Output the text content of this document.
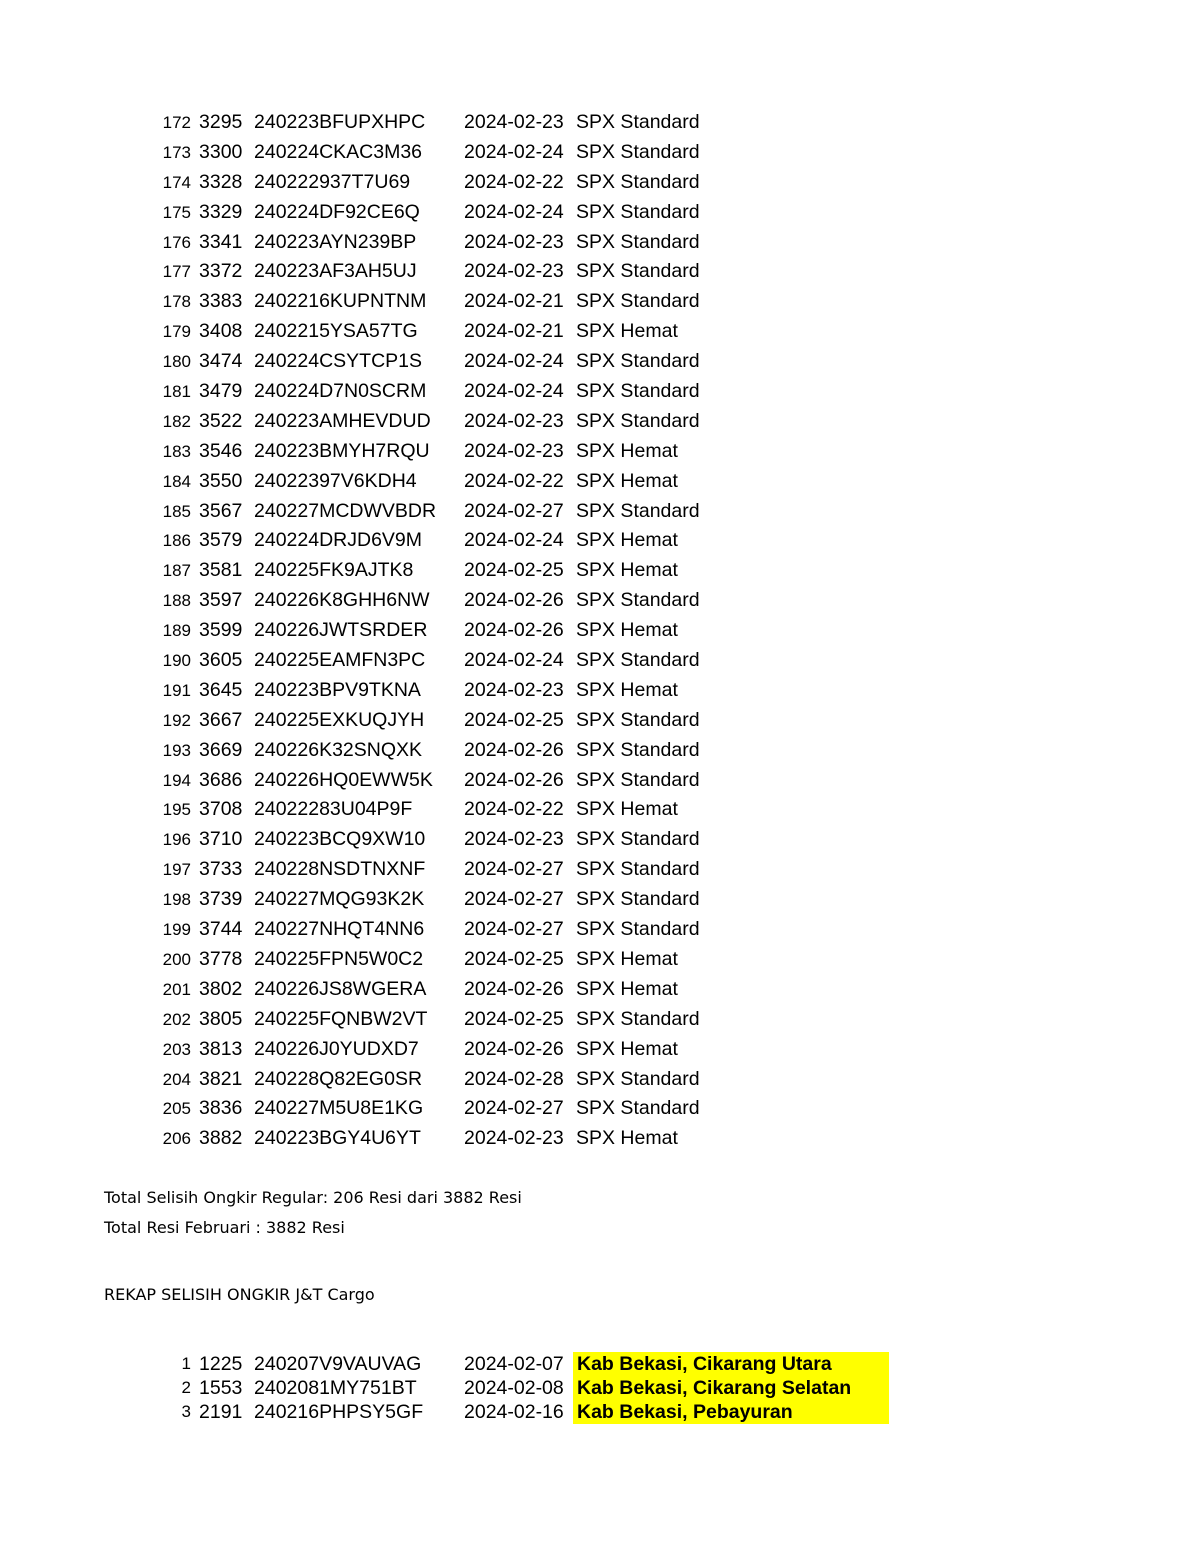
172 3295 240223BFUPXHPC 2024-02-23 SPX Standard
173 3300 240224CKAC3M36 2024-02-24 SPX Standard
174 3328 240222937T7U69	2024-02-22 SPX Standard
175 3329 240224DF92CE6Q 2024-02-24 SPX Standard
176 3341 240223AYN239BP 2024-02-23 SPX Standard
177 3372 240223AF3AH5UJ 2024-02-23 SPX Standard
178 3383 2402216KUPNTNM 2024-02-21 SPX Standard
179 3408 2402215YSA57TG 2024-02-21 SPX Hemat
180 3474 240224CSYTCP1S 2024-02-24 SPX Standard
181 3479 240224D7N0SCRM 2024-02-24 SPX Standard
182 3522 240223AMHEVDUD 2024-02-23 SPX Standard
183 3546 240223BMYH7RQU 2024-02-23 SPX Hemat
184 3550 24022397V6KDH4 2024-02-22 SPX Hemat
185 3567 240227MCDWVBDR 2024-02-27 SPX Standard
186 3579 240224DRJD6V9M 2024-02-24 SPX Hemat
187 3581 240225FK9AJTK8	2024-02-25 SPX Hemat
188 3597 240226K8GHH6NW 2024-02-26 SPX Standard
189 3599 240226JWTSRDER 2024-02-26 SPX Hemat
190 3605 240225EAMFN3PC 2024-02-24 SPX Standard
191 3645 240223BPV9TKNA 2024-02-23 SPX Hemat
192 3667 240225EXKUQJYH 2024-02-25 SPX Standard
193 3669 240226K32SNQXK 2024-02-26 SPX Standard
194 3686 240226HQ0EWW5K 2024-02-26 SPX Standard
195 3708 24022283U04P9F	2024-02-22 SPX Hemat
196 3710 240223BCQ9XW10 2024-02-23 SPX Standard
197 3733 240228NSDTNXNF 2024-02-27 SPX Standard
198 3739 240227MQG93K2K 2024-02-27 SPX Standard
199 3744 240227NHQT4NN6 2024-02-27 SPX Standard
200 3778 240225FPN5W0C2 2024-02-25 SPX Hemat
201 3802 240226JS8WGERA 2024-02-26 SPX Hemat
202 3805 240225FQNBW2VT 2024-02-25 SPX Standard
203 3813 240226J0YUDXD7 2024-02-26 SPX Hemat
204 3821 240228Q82EG0SR 2024-02-28 SPX Standard
205 3836 240227M5U8E1KG 2024-02-27 SPX Standard
206 3882 240223BGY4U6YT 2024-02-23 SPX Hemat
Total Selisih Ongkir Regular: 206 Resi dari 3882 Resi
Total Resi Februari : 3882 Resi
REKAP SELISIH ONGKIR J&T Cargo
1 1225 240207V9VAUVAG 2024-02-07 Kab Bekasi, Cikarang Utara
2 1553 2402081MY751BT 2024-02-08 Kab Bekasi, Cikarang Selatan
3 2191 240216PHPSY5GF 2024-02-16 Kab Bekasi, Pebayuran
